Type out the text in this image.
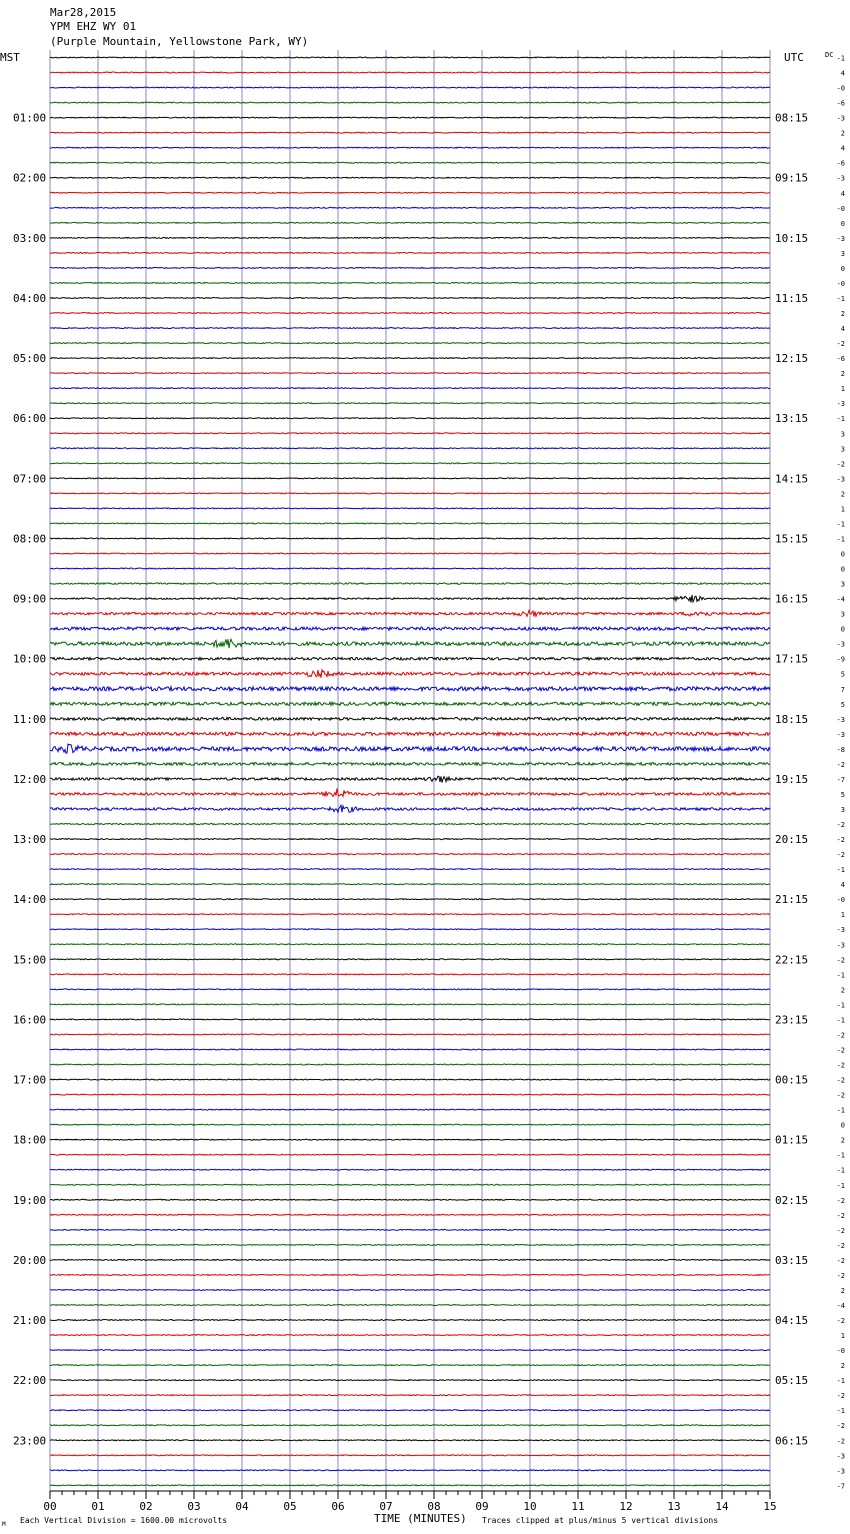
Mar28,2015
YPM EHZ WY 01
(Purple Mountain, Yellowstone Park, WY)
MST	UTC	DC
01:00
02:00
03:00
04:00
05:00
06:00
07:00
08:00
09:00
10:00
11:00
12:00
13:00
14:00
15:00
16:00
17:00
18:00
19:00
20:00
21:00
22:00
23:00
08:15
09:15
10:15
11:15
12:15
13:15
14:15
15:15
16:15
17:15
18:15
19:15
20:15
21:15
22:15
23:15
00:15
01:15
02:15
03:15
04:15
05:15
06:15
-1
4
-0
-6
-3
2
4
-6
-3
4
-0
0
-3
3
0
-0
-1
2
4
-2
-6
2
1
-3
-1
3
3
-2
-3
2
1
-1
-1
0
0
3
-4
3
0
-3
-9
5
7
5
-3
-3
-8
-2
-7
5
3
-2
-2
-2
-1
4
-0
1
-3
-3
-2
-1
2
-1
-1
-2
-2
-2
-2
-2
-1
0
2
-1
-1
-1
-2
-2
-2
-2
-2
-2
2
-4
-2
1
-0
2
-1
-2
-1
-2
-2
-3
-3
-7
00	01	02	03	04	05	06	07	08	09	10	11	12	13	14	15
TIME (MINUTES)
Each Vertical Division = 1600.00 microvolts	Traces clipped at plus/minus 5 vertical divisions
M
